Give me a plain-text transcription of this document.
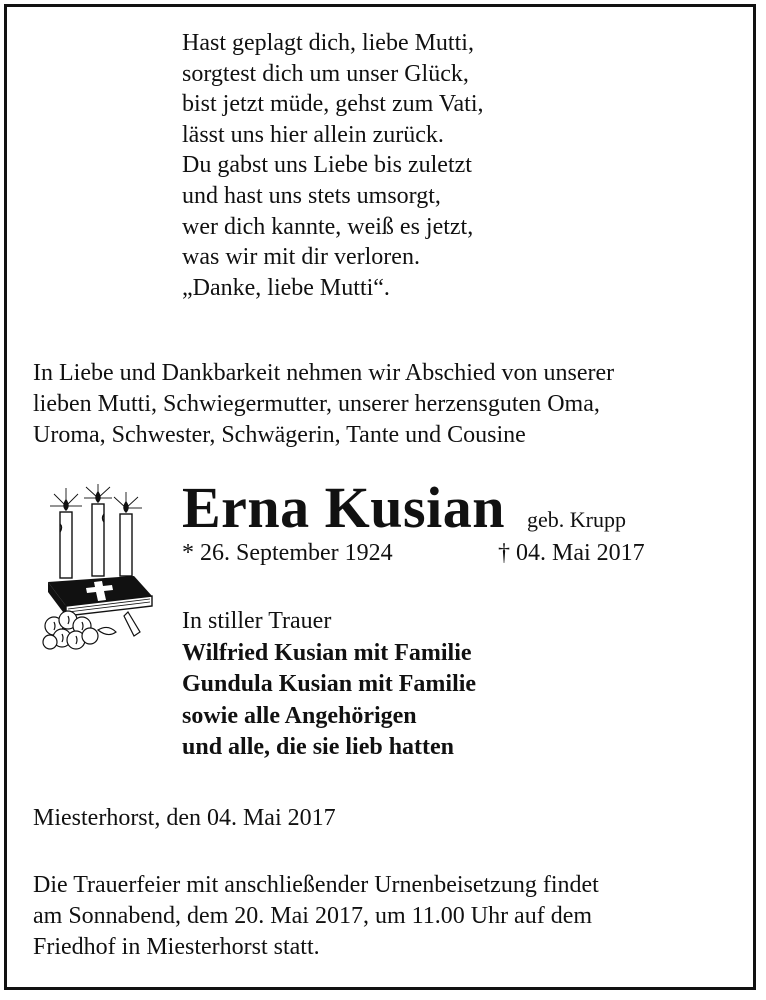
Hast geplagt dich, liebe Mutti,
sorgtest dich um unser Glück,
bist jetzt müde, gehst zum Vati,
lässt uns hier allein zurück.
Du gabst uns Liebe bis zuletzt
und hast uns stets umsorgt,
wer dich kannte, weiß es jetzt,
was wir mit dir verloren.
„Danke, liebe Mutti“.
In Liebe und Dankbarkeit nehmen wir Abschied von unserer
lieben Mutti, Schwiegermutter, unserer herzensguten Oma,
Uroma, Schwester, Schwägerin, Tante und Cousine
Erna Kusian geb. Krupp
* 26. September 1924	† 04. Mai 2017
In stiller Trauer
Wilfried Kusian mit Familie
Gundula Kusian mit Familie
sowie alle Angehörigen
und alle, die sie lieb hatten
Miesterhorst, den 04. Mai 2017
Die Trauerfeier mit anschließender Urnenbeisetzung findet
am Sonnabend, dem 20. Mai 2017, um 11.00 Uhr auf dem
Friedhof in Miesterhorst statt.
